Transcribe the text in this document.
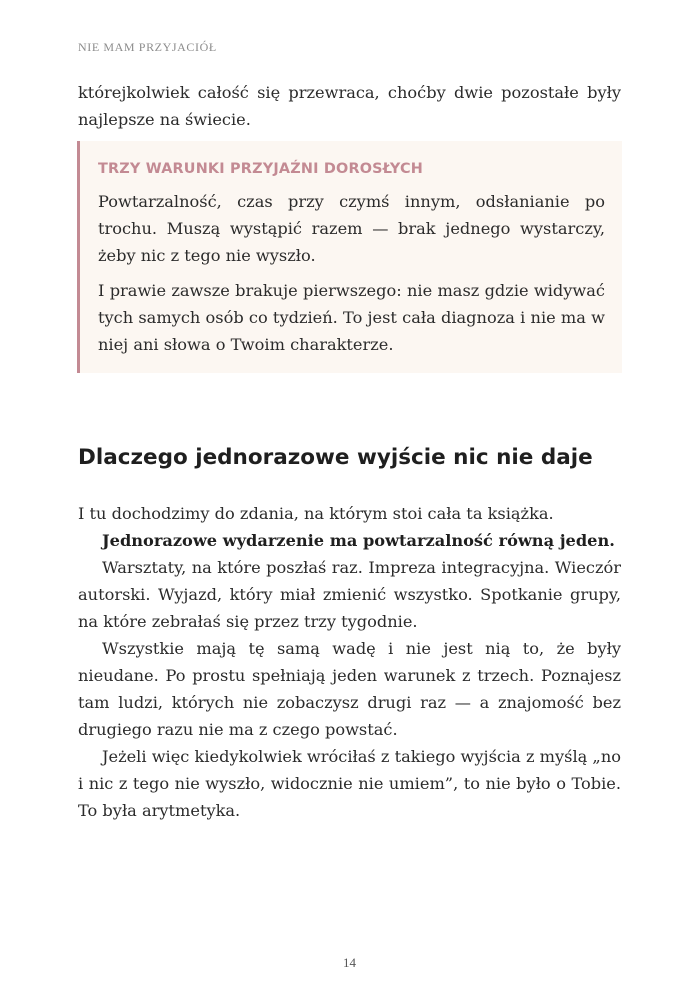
NIE MAM PRZYJACIÓŁ
którejkolwiek całość się przewraca, choćby dwie pozostałe były najlepsze na świecie.
TRZY WARUNKI PRZYJAŹNI DOROSŁYCH

Powtarzalność, czas przy czymś innym, odsłanianie po trochu. Muszą wystąpić razem — brak jednego wystarczy, żeby nic z tego nie wyszło.

I prawie zawsze brakuje pierwszego: nie masz gdzie widywać tych samych osób co tydzień. To jest cała diagnoza i nie ma w niej ani słowa o Twoim charakterze.

Dlaczego jednorazowe wyjście nic nie daje

I tu dochodzimy do zdania, na którym stoi cała ta książka.

Jednorazowe wydarzenie ma powtarzalność równą jeden.

Warsztaty, na które poszłaś raz. Impreza integracyjna. Wieczór autorski. Wyjazd, który miał zmienić wszystko. Spotkanie grupy, na które zebrałaś się przez trzy tygodnie.

Wszystkie mają tę samą wadę i nie jest nią to, że były nieudane. Po prostu spełniają jeden warunek z trzech. Poznajesz tam ludzi, których nie zobaczysz drugi raz — a znajomość bez drugiego razu nie ma z czego powstać.

Jeżeli więc kiedykolwiek wróciłaś z takiego wyjścia z myślą „no i nic z tego nie wyszło, widocznie nie umiem”, to nie było o Tobie. To była arytmetyka.

14
